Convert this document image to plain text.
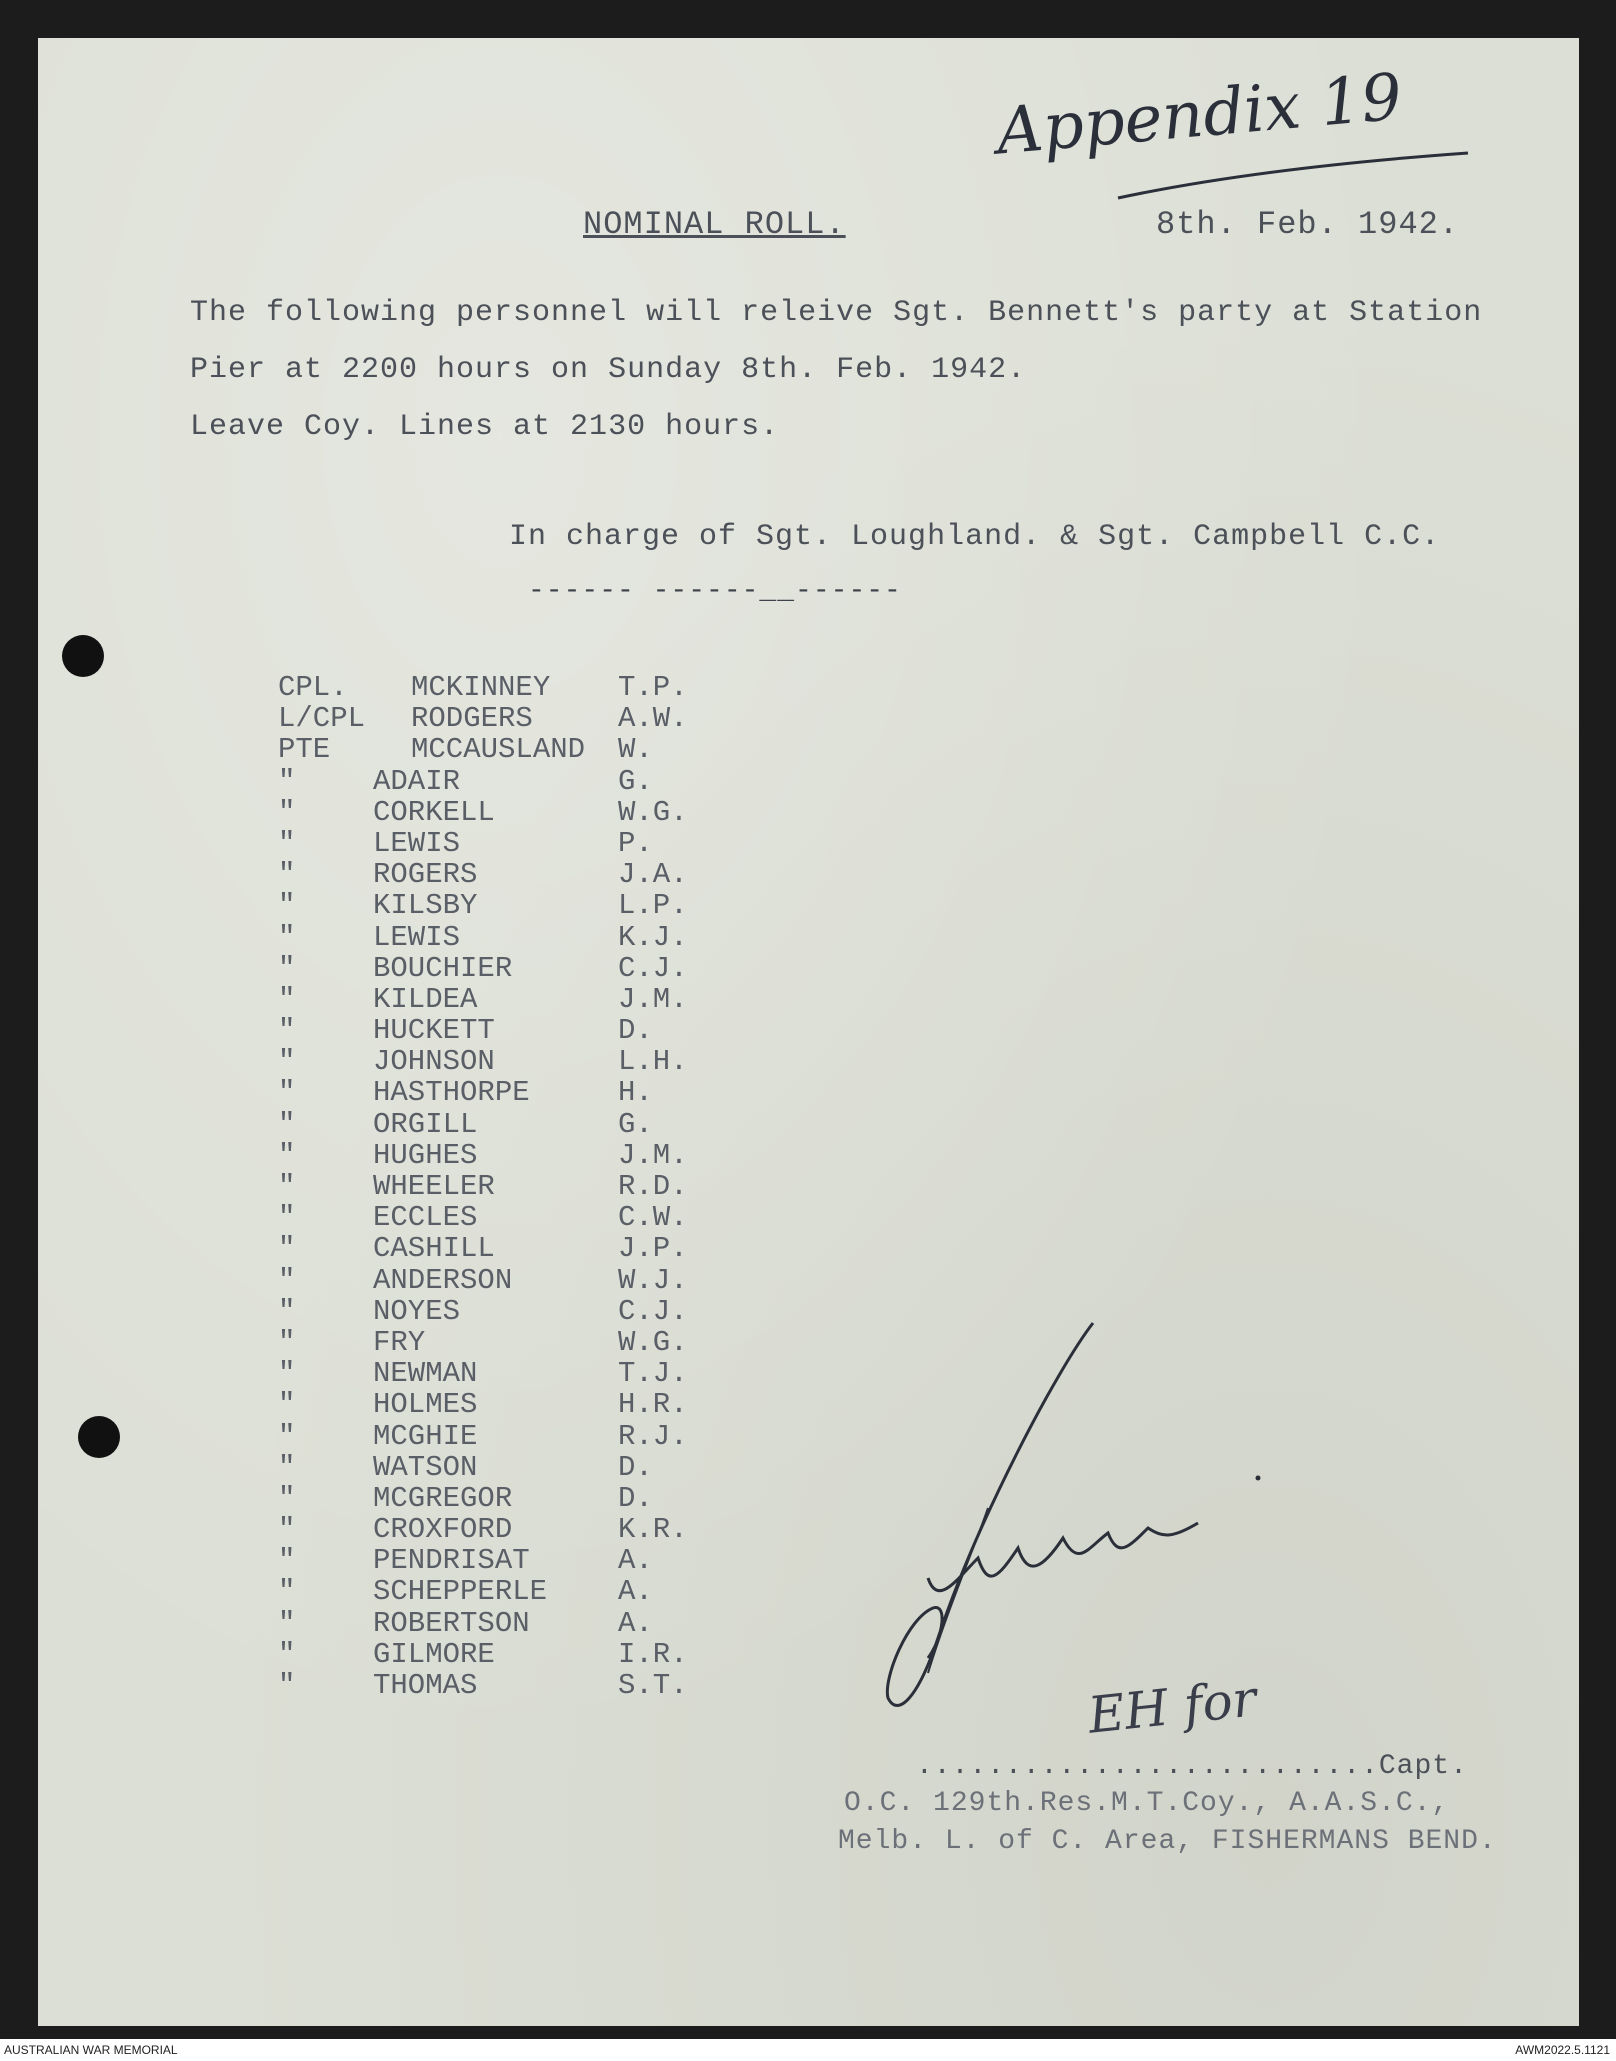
Appendix 19
NOMINAL ROLL.	8th. Feb. 1942.
The following personnel will releive Sgt. Bennett's party at Station
Pier at 2200 hours on Sunday 8th. Feb. 1942.
Leave Coy. Lines at 2130 hours.
In charge of Sgt. Loughland. & Sgt. Campbell C.C.
------ ------__------
CPL. MCKINNEY T.P.
L/CPL RODGERS	A.W.
PTE	MCCAUSLAND W.
"	ADAIR	G.
"	CORKELL	W.G.
"	LEWIS	P.
"	ROGERS	J.A.
"	KILSBY	L.P.
"	LEWIS	K.J.
"	BOUCHIER	C.J.
"	KILDEA	J.M.
"	HUCKETT	D.
"	JOHNSON	L.H.
"	HASTHORPE	H.
"	ORGILL	G.
"	HUGHES	J.M.
"	WHEELER	R.D.
"	ECCLES	C.W.
"	CASHILL	J.P.
"	ANDERSON	W.J.
"	NOYES	C.J.
"	FRY	W.G.
"	NEWMAN	T.J.
"	HOLMES	H.R.
"	MCGHIE	R.J.
"	WATSON	D.
"	MCGREGOR	D.
"	CROXFORD	K.R.
"	PENDRISAT	A.
"	SCHEPPERLE A.
"	ROBERTSON	A.
"	GILMORE	I.R.
"	THOMAS	S.T.	EH for
..........................Capt.
O.C. 129th.Res.M.T.Coy., A.A.S.C.,
Melb. L. of C. Area, FISHERMANS BEND.
AUSTRALIAN WAR MEMORIAL	AWM2022.5.1121
